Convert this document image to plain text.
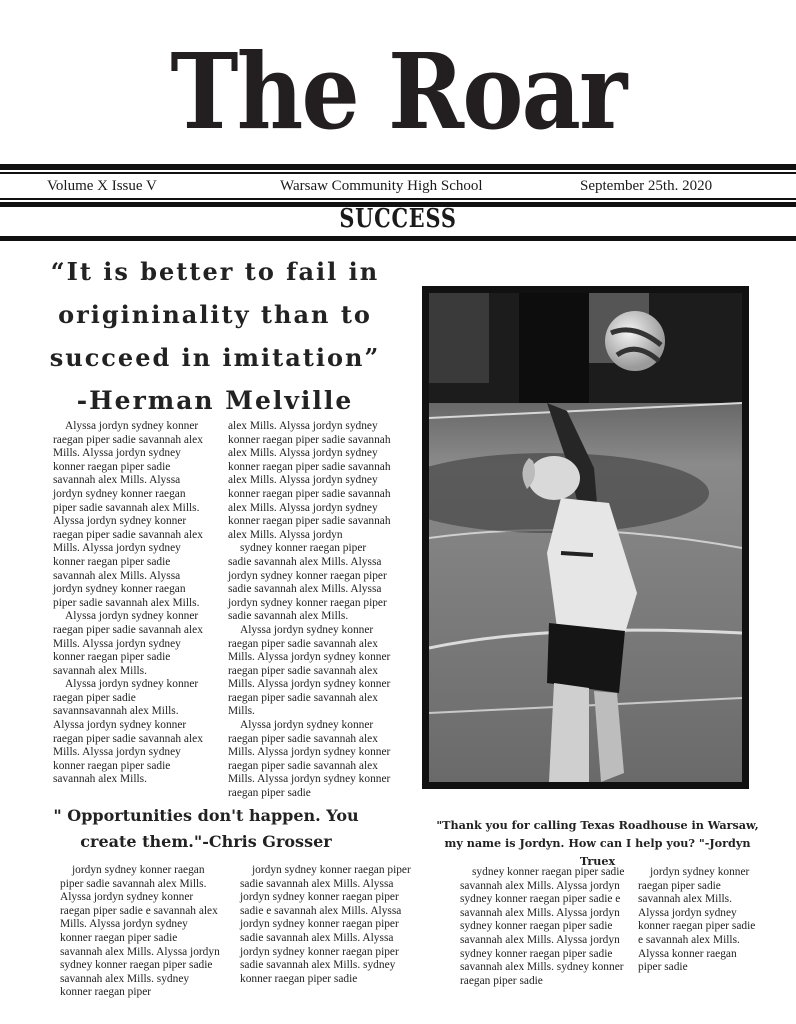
The Roar
Volume X Issue V	Warsaw Community High School	September 25th. 2020
SUCCESS
“It is better to fail in
origininality than to
succeed in imitation”
-Herman Melville

Alyssa jordyn sydney konner raegan piper sadie savannah alex Mills. Alyssa jordyn sydney konner raegan piper sadie savannah alex Mills. Alyssa jordyn sydney konner raegan piper sadie savannah alex Mills. Alyssa jordyn sydney konner raegan piper sadie savannah alex Mills. Alyssa jordyn sydney konner raegan piper sadie savannah alex Mills. Alyssa jordyn sydney konner raegan piper sadie savannah alex Mills.

Alyssa jordyn sydney konner raegan piper sadie savannah alex Mills. Alyssa jordyn sydney konner raegan piper sadie savannah alex Mills.

Alyssa jordyn sydney konner raegan piper sadie savannsavannah alex Mills. Alyssa jordyn sydney konner raegan piper sadie savannah alex Mills. Alyssa jordyn sydney konner raegan piper sadie savannah alex Mills.

alex Mills. Alyssa jordyn sydney konner raegan piper sadie savannah alex Mills. Alyssa jordyn sydney konner raegan piper sadie savannah alex Mills. Alyssa jordyn sydney konner raegan piper sadie savannah alex Mills. Alyssa jordyn sydney konner raegan piper sadie savannah alex Mills. Alyssa jordyn

sydney konner raegan piper sadie savannah alex Mills. Alyssa jordyn sydney konner raegan piper sadie savannah alex Mills. Alyssa jordyn sydney konner raegan piper sadie savannah alex Mills.

Alyssa jordyn sydney konner raegan piper sadie savannah alex Mills. Alyssa jordyn sydney konner raegan piper sadie savannah alex Mills. Alyssa jordyn sydney konner raegan piper sadie savannah alex Mills.

Alyssa jordyn sydney konner raegan piper sadie savannah alex Mills. Alyssa jordyn sydney konner raegan piper sadie savannah alex Mills. Alyssa jordyn sydney konner raegan piper sadie

" Opportunities don't happen. You create them."-Chris Grosser
"Thank you for calling Texas Roadhouse in Warsaw, my name is Jordyn. How can I help you? "-Jordyn Truex

jordyn sydney konner raegan piper sadie savannah alex Mills. Alyssa jordyn sydney konner raegan piper sadie e savannah alex Mills. Alyssa jordyn sydney konner raegan piper sadie savannah alex Mills. Alyssa jordyn sydney konner raegan piper sadie savannah alex Mills. sydney konner raegan piper

jordyn sydney konner raegan piper sadie savannah alex Mills. Alyssa jordyn sydney konner raegan piper sadie e savannah alex Mills. Alyssa jordyn sydney konner raegan piper sadie savannah alex Mills. Alyssa jordyn sydney konner raegan piper sadie savannah alex Mills. sydney konner raegan piper sadie

sydney konner raegan piper sadie savannah alex Mills. Alyssa jordyn sydney konner raegan piper sadie e savannah alex Mills. Alyssa jordyn sydney konner raegan piper sadie savannah alex Mills. Alyssa jordyn sydney konner raegan piper sadie savannah alex Mills. sydney konner raegan piper sadie

jordyn sydney konner raegan piper sadie savannah alex Mills. Alyssa jordyn sydney konner raegan piper sadie e savannah alex Mills. Alyssa konner raegan piper sadie
